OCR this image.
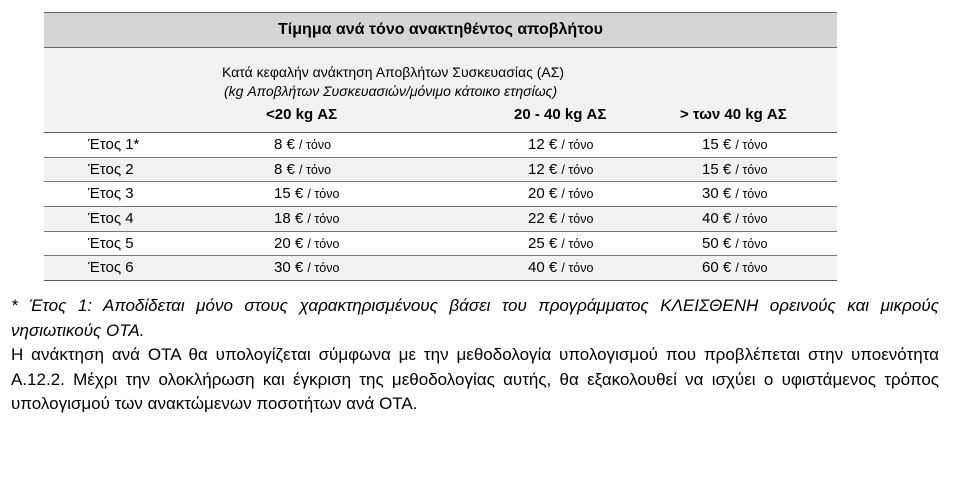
Τίμημα ανά τόνο ανακτηθέντος αποβλήτου
Κατά κεφαλήν ανάκτηση Αποβλήτων Συσκευασίας (ΑΣ)
(kg Αποβλήτων Συσκευασιών/μόνιμο κάτοικο ετησίως)
<20 kg ΑΣ	20 - 40 kg ΑΣ	> των 40 kg ΑΣ
Έτος 1*	8 € / τόνο	12 € / τόνο	15 € / τόνο
Έτος 2	8 € / τόνο	12 € / τόνο	15 € / τόνο
Έτος 3	15 € / τόνο	20 € / τόνο	30 € / τόνο
Έτος 4	18 € / τόνο	22 € / τόνο	40 € / τόνο
Έτος 5	20 € / τόνο	25 € / τόνο	50 € / τόνο
Έτος 6	30 € / τόνο	40 € / τόνο	60 € / τόνο
* Έτος 1: Αποδίδεται μόνο στους χαρακτηρισμένους βάσει του προγράμματος ΚΛΕΙΣΘΕΝΗ ορεινούς και μικρούς νησιωτικούς ΟΤΑ.
Η ανάκτηση ανά ΟΤΑ θα υπολογίζεται σύμφωνα με την μεθοδολογία υπολογισμού που προβλέπεται στην υποενότητα Α.12.2. Μέχρι την ολοκλήρωση και έγκριση της μεθοδολογίας αυτής, θα εξακολουθεί να ισχύει ο υφιστάμενος τρόπος υπολογισμού των ανακτώμενων ποσοτήτων ανά ΟΤΑ.
